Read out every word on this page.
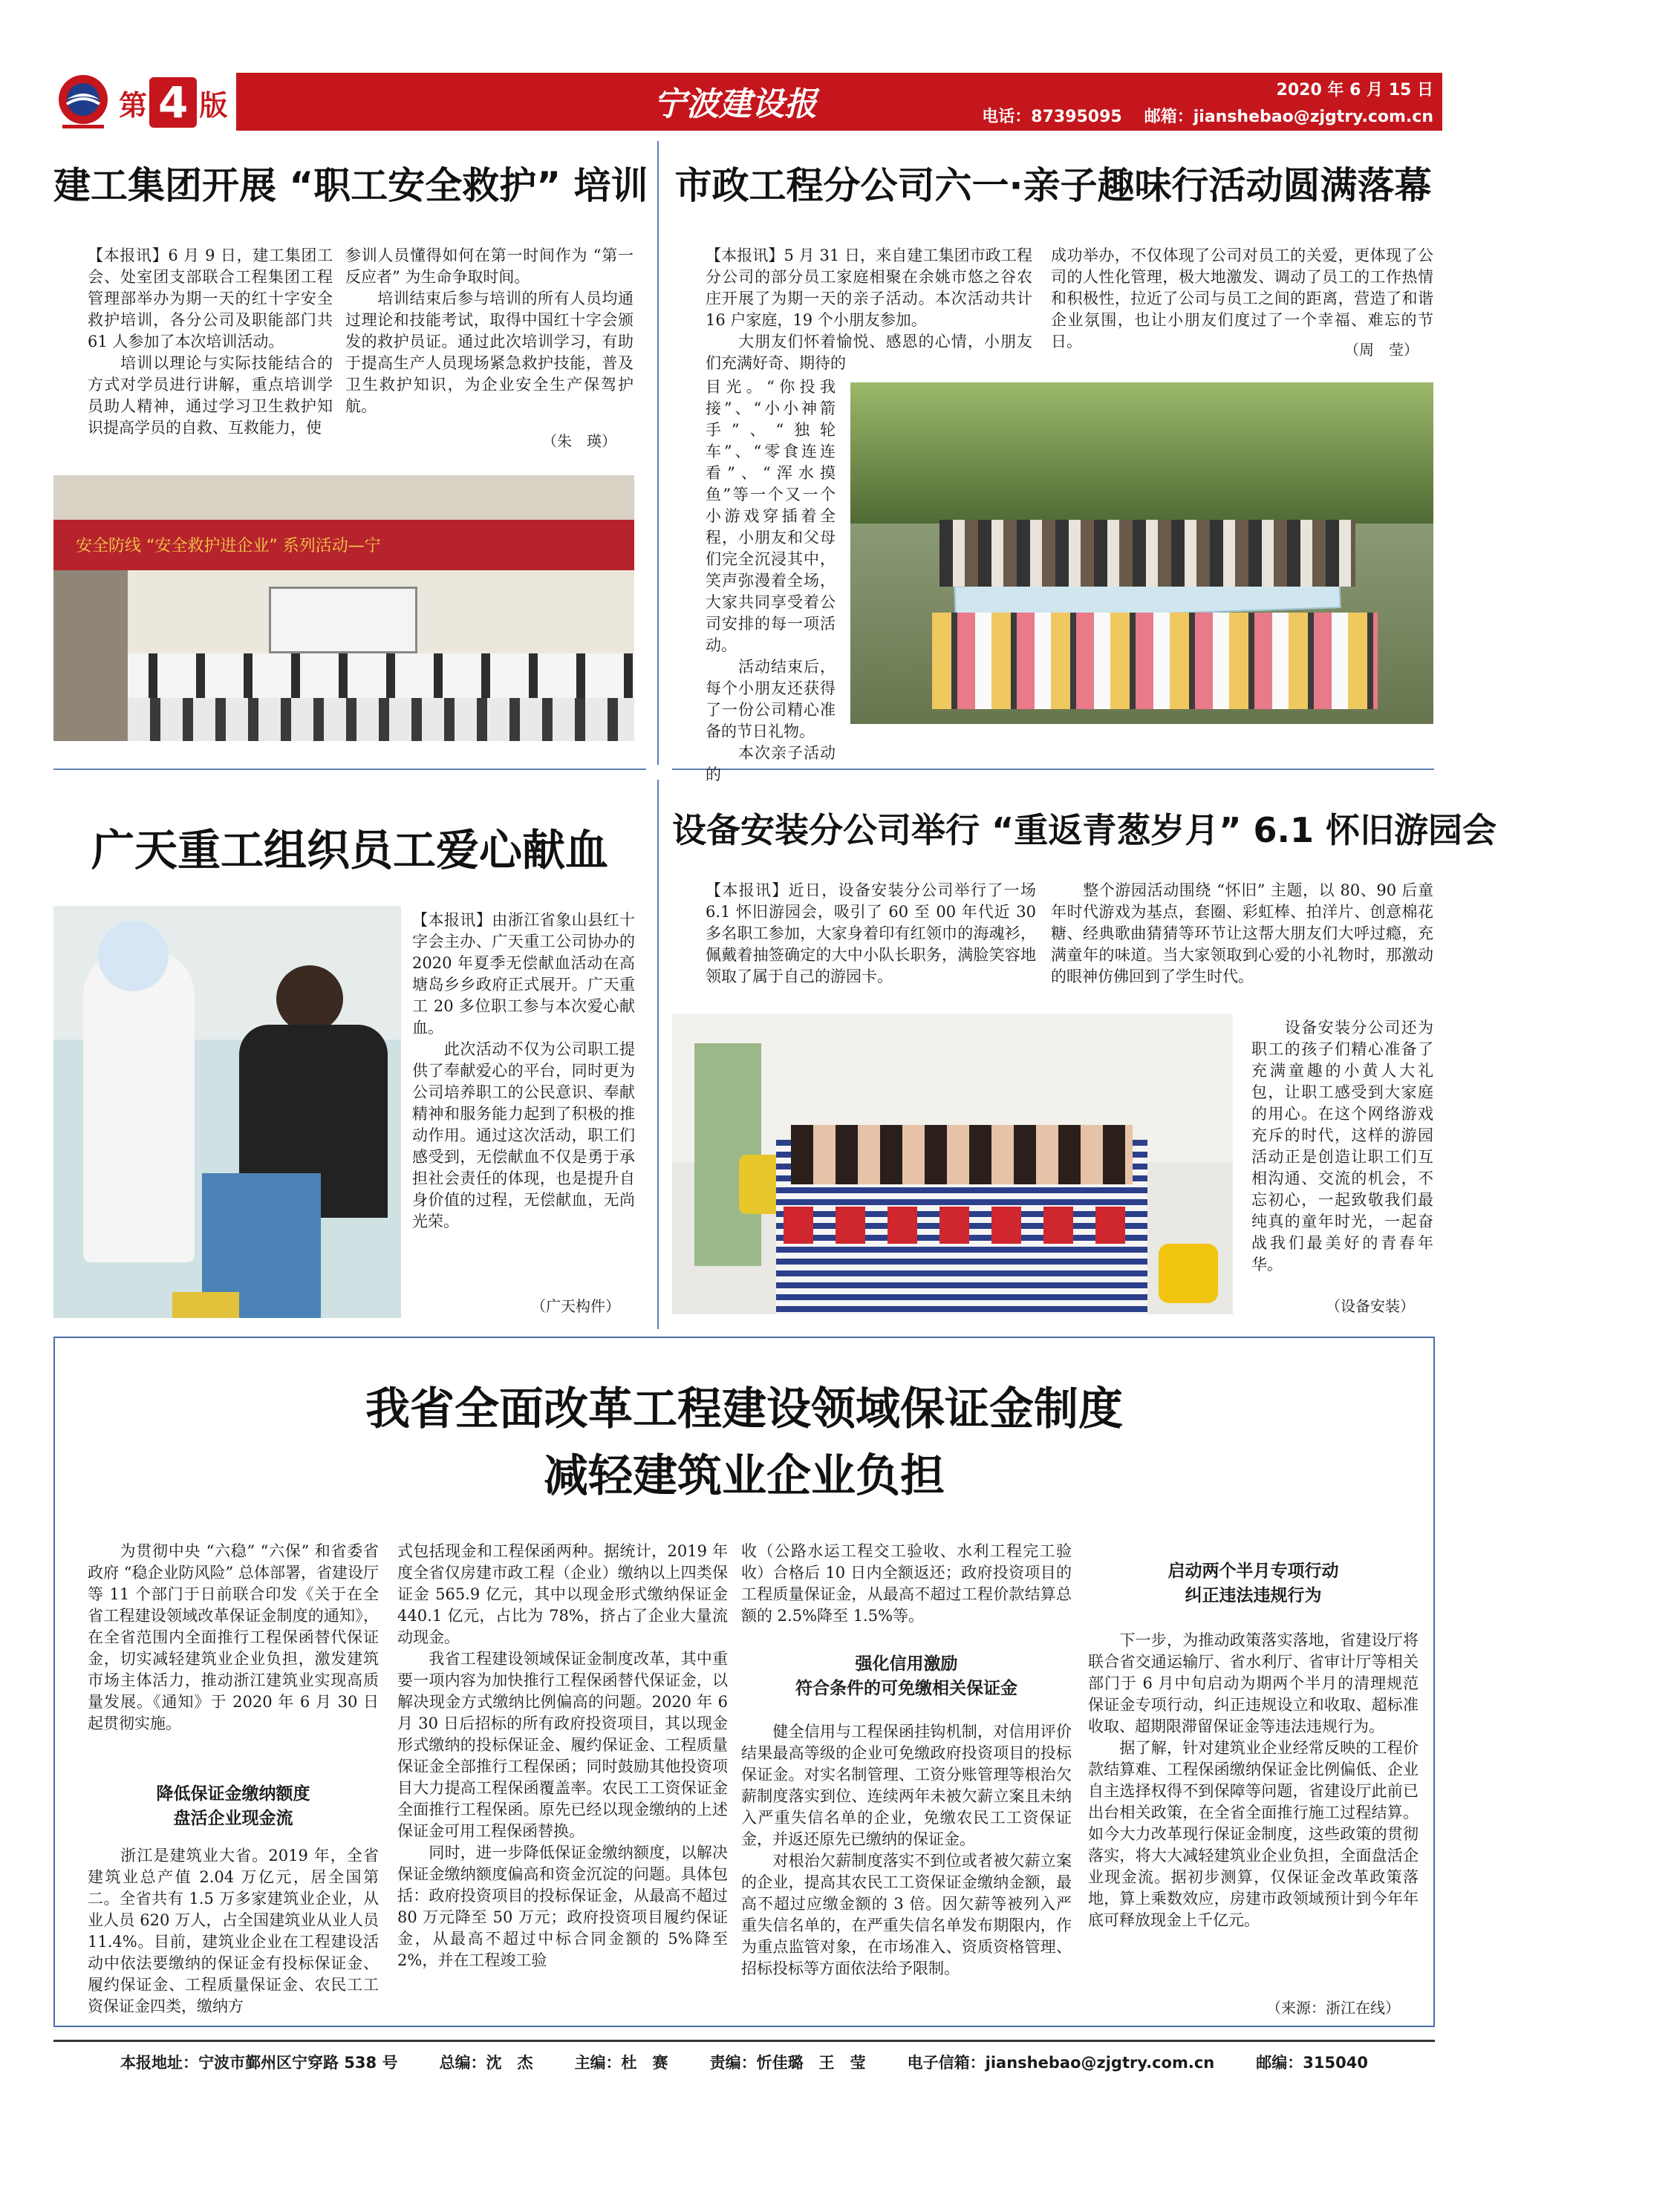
第 4 版	宁波建设报	2020 年 6 月 15 日
电话：87395095 邮箱：jianshebao@zjgtry.com.cn
建工集团开展 “职工安全救护” 培训
【本报讯】6 月 9 日，建工集团工会、处室团支部联合工程集团工程管理部举办为期一天的红十字安全救护培训，各分公司及职能部门共 61 人参加了本次培训活动。
　　培训以理论与实际技能结合的方式对学员进行讲解，重点培训学员助人精神，通过学习卫生救护知识提高学员的自救、互救能力，使
参训人员懂得如何在第一时间作为 “第一反应者” 为生命争取时间。
　　培训结束后参与培训的所有人员均通过理论和技能考试，取得中国红十字会颁发的救护员证。通过此次培训学习，有助于提高生产人员现场紧急救护技能，普及卫生救护知识，为企业安全生产保驾护航。
（朱　瑛）
安全防线 “安全救护进企业” 系列活动—宁
市政工程分公司六一·亲子趣味行活动圆满落幕
【本报讯】5 月 31 日，来自建工集团市政工程分公司的部分员工家庭相聚在余姚市悠之谷农庄开展了为期一天的亲子活动。本次活动共计 16 户家庭，19 个小朋友参加。
　　大朋友们怀着愉悦、感恩的心情，小朋友们充满好奇、期待的
目光。“你投我接”、“小小神箭手”、“独轮车”、“零食连连看”、“浑水摸鱼”等一个又一个小游戏穿插着全程，小朋友和父母们完全沉浸其中，笑声弥漫着全场，大家共同享受着公司安排的每一项活动。
　　活动结束后，每个小朋友还获得了一份公司精心准备的节日礼物。
　　本次亲子活动的
成功举办，不仅体现了公司对员工的关爱，更体现了公司的人性化管理，极大地激发、调动了员工的工作热情和积极性，拉近了公司与员工之间的距离，营造了和谐企业氛围，也让小朋友们度过了一个幸福、难忘的节日。	（周　莹）
广天重工组织员工爱心献血
【本报讯】由浙江省象山县红十字会主办、广天重工公司协办的 2020 年夏季无偿献血活动在高塘岛乡乡政府正式展开。广天重工 20 多位职工参与本次爱心献血。
　　此次活动不仅为公司职工提供了奉献爱心的平台，同时更为公司培养职工的公民意识、奉献精神和服务能力起到了积极的推动作用。通过这次活动，职工们感受到，无偿献血不仅是勇于承担社会责任的体现，也是提升自身价值的过程，无偿献血，无尚光荣。
（广天构件）
设备安装分公司举行 “重返青葱岁月” 6.1 怀旧游园会
【本报讯】近日，设备安装分公司举行了一场 6.1 怀旧游园会，吸引了 60 至 00 年代近 30 多名职工参加，大家身着印有红领巾的海魂衫，佩戴着抽签确定的大中小队长职务，满脸笑容地领取了属于自己的游园卡。
　　整个游园活动围绕 “怀旧” 主题，以 80、90 后童年时代游戏为基点，套圈、彩虹棒、拍洋片、创意棉花糖、经典歌曲猜猜等环节让这帮大朋友们大呼过瘾，充满童年的味道。当大家领取到心爱的小礼物时，那激动的眼神仿佛回到了学生时代。
　　设备安装分公司还为职工的孩子们精心准备了充满童趣的小黄人大礼包，让职工感受到大家庭的用心。在这个网络游戏充斥的时代，这样的游园活动正是创造让职工们互相沟通、交流的机会，不忘初心，一起致敬我们最纯真的童年时光，一起奋战我们最美好的青春年华。
（设备安装）
我省全面改革工程建设领域保证金制度
减轻建筑业企业负担
　　为贯彻中央 “六稳” “六保” 和省委省政府 “稳企业防风险” 总体部署，省建设厅等 11 个部门于日前联合印发《关于在全省工程建设领域改革保证金制度的通知》，在全省范围内全面推行工程保函替代保证金，切实减轻建筑业企业负担，激发建筑市场主体活力，推动浙江建筑业实现高质量发展。《通知》于 2020 年 6 月 30 日起贯彻实施。
降低保证金缴纳额度
盘活企业现金流
　　浙江是建筑业大省。2019 年，全省建筑业总产值 2.04 万亿元，居全国第二。全省共有 1.5 万多家建筑业企业，从业人员 620 万人，占全国建筑业从业人员 11.4%。目前，建筑业企业在工程建设活动中依法要缴纳的保证金有投标保证金、履约保证金、工程质量保证金、农民工工资保证金四类，缴纳方
式包括现金和工程保函两种。据统计，2019 年度全省仅房建市政工程（企业）缴纳以上四类保证金 565.9 亿元，其中以现金形式缴纳保证金 440.1 亿元，占比为 78%，挤占了企业大量流动现金。
　　我省工程建设领域保证金制度改革，其中重要一项内容为加快推行工程保函替代保证金，以解决现金方式缴纳比例偏高的问题。2020 年 6 月 30 日后招标的所有政府投资项目，其以现金形式缴纳的投标保证金、履约保证金、工程质量保证金全部推行工程保函；同时鼓励其他投资项目大力提高工程保函覆盖率。农民工工资保证金全面推行工程保函。原先已经以现金缴纳的上述保证金可用工程保函替换。
　　同时，进一步降低保证金缴纳额度，以解决保证金缴纳额度偏高和资金沉淀的问题。具体包括：政府投资项目的投标保证金，从最高不超过 80 万元降至 50 万元；政府投资项目履约保证金，从最高不超过中标合同金额的 5%降至 2%，并在工程竣工验
收（公路水运工程交工验收、水利工程完工验收）合格后 10 日内全额返还；政府投资项目的工程质量保证金，从最高不超过工程价款结算总额的 2.5%降至 1.5%等。
强化信用激励
符合条件的可免缴相关保证金
　　健全信用与工程保函挂钩机制，对信用评价结果最高等级的企业可免缴政府投资项目的投标保证金。对实名制管理、工资分账管理等根治欠薪制度落实到位、连续两年未被欠薪立案且未纳入严重失信名单的企业，免缴农民工工资保证金，并返还原先已缴纳的保证金。
　　对根治欠薪制度落实不到位或者被欠薪立案的企业，提高其农民工工资保证金缴纳金额，最高不超过应缴金额的 3 倍。因欠薪等被列入严重失信名单的，在严重失信名单发布期限内，作为重点监管对象，在市场准入、资质资格管理、招标投标等方面依法给予限制。
启动两个半月专项行动
纠正违法违规行为
　　下一步，为推动政策落实落地，省建设厅将联合省交通运输厅、省水利厅、省审计厅等相关部门于 6 月中旬启动为期两个半月的清理规范保证金专项行动，纠正违规设立和收取、超标准收取、超期限滞留保证金等违法违规行为。
　　据了解，针对建筑业企业经常反映的工程价款结算难、工程保函缴纳保证金比例偏低、企业自主选择权得不到保障等问题，省建设厅此前已出台相关政策，在全省全面推行施工过程结算。如今大力改革现行保证金制度，这些政策的贯彻落实，将大大减轻建筑业企业负担，全面盘活企业现金流。据初步测算，仅保证金改革政策落地，算上乘数效应，房建市政领域预计到今年年底可释放现金上千亿元。
（来源：浙江在线）
本报地址：宁波市鄞州区宁穿路 538 号	总编：沈　杰	主编：杜　赛	责编：忻佳璐　王　莹	电子信箱：jianshebao@zjgtry.com.cn	邮编：315040
